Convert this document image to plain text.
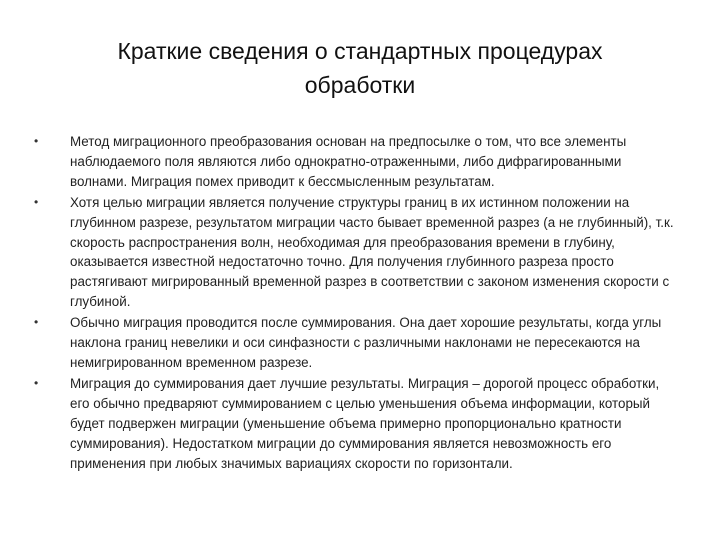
Краткие сведения о стандартных процедурах
обработки
• Метод миграционного преобразования основан на предпосылке о том, что все элементы наблюдаемого поля являются либо однократно-отраженными, либо дифрагированными волнами. Миграция помех приводит к бессмысленным результатам.
• Хотя целью миграции является получение структуры границ в их истинном положении на глубинном разрезе, результатом миграции часто бывает временной разрез (а не глубинный), т.к. скорость распространения волн, необходимая для преобразования времени в глубину, оказывается известной недостаточно точно. Для получения глубинного разреза просто растягивают мигрированный временной разрез в соответствии с законом изменения скорости с глубиной.
• Обычно миграция проводится после суммирования. Она дает хорошие результаты, когда углы наклона границ невелики и оси синфазности с различными наклонами не пересекаются на немигрированном временном разрезе.
• Миграция до суммирования дает лучшие результаты. Миграция – дорогой процесс обработки, его обычно предваряют суммированием с целью уменьшения объема информации, который будет подвержен миграции (уменьшение объема примерно пропорционально кратности суммирования). Недостатком миграции до суммирования является невозможность его применения при любых значимых вариациях скорости по горизонтали.
